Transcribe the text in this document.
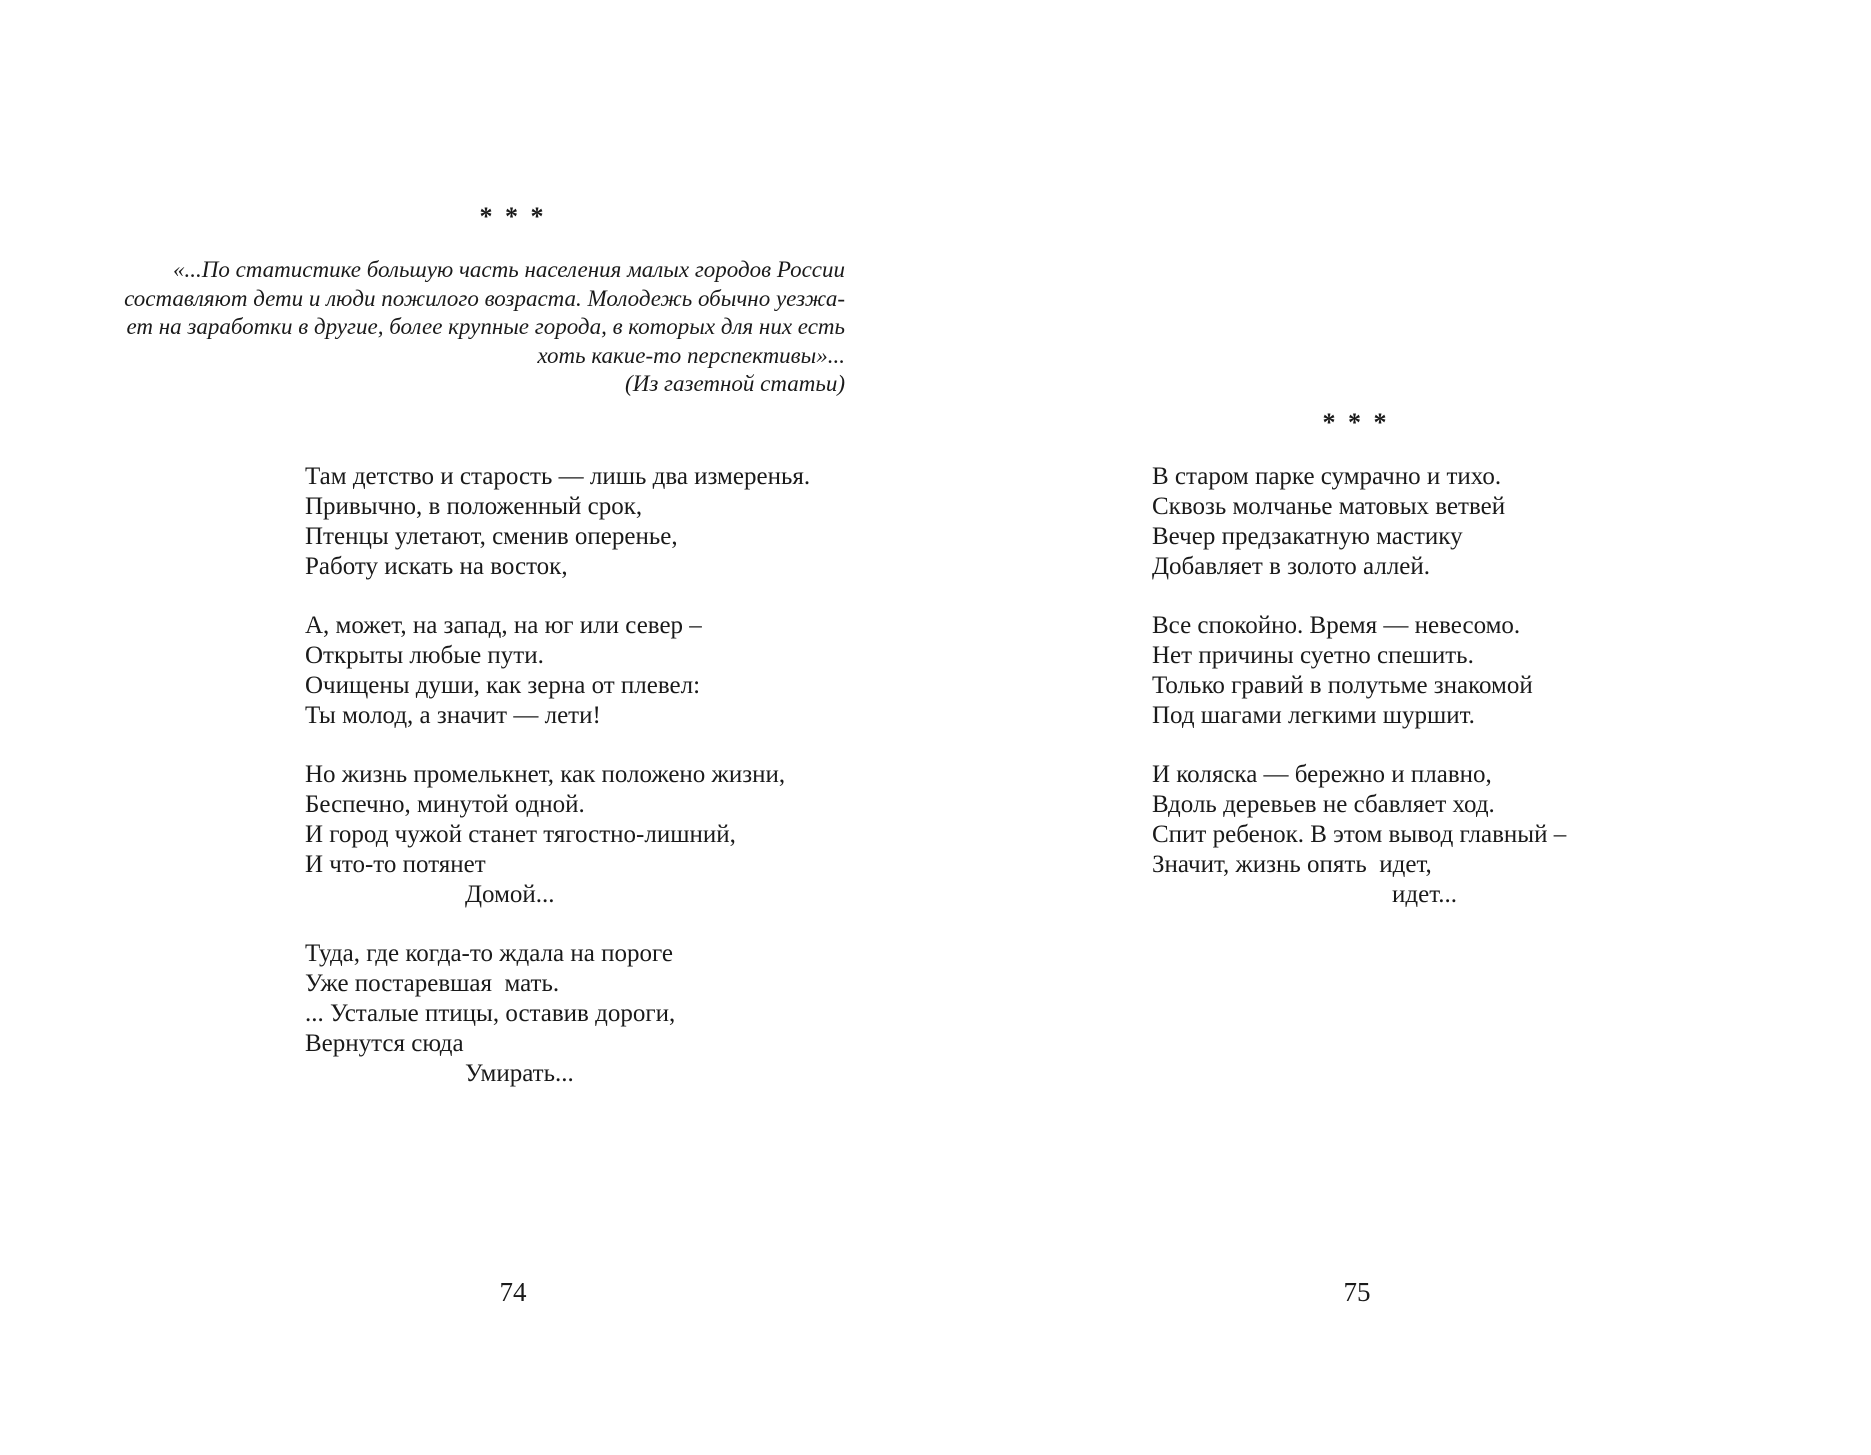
* * *
«...По статистике большую часть населения малых городов России
составляют дети и люди пожилого возраста. Молодежь обычно уезжа-
ет на заработки в другие, более крупные города, в которых для них есть
хоть какие-то перспективы»...
(Из газетной статьи)
Там детство и старость — лишь два измеренья.
Привычно, в положенный срок,
Птенцы улетают, сменив оперенье,
Работу искать на восток,
А, может, на запад, на юг или север –
Открыты любые пути.
Очищены души, как зерна от плевел:
Ты молод, а значит — лети!
Но жизнь промелькнет, как положено жизни,
Беспечно, минутой одной.
И город чужой станет тягостно-лишний,
И что-то потянет
Домой...
Туда, где когда-то ждала на пороге
Уже постаревшая  мать.
... Усталые птицы, оставив дороги,
Вернутся сюда
Умирать...
74
* * *
В старом парке сумрачно и тихо.
Сквозь молчанье матовых ветвей
Вечер предзакатную мастику
Добавляет в золото аллей.
Все спокойно. Время — невесомо.
Нет причины суетно спешить.
Только гравий в полутьме знакомой
Под шагами легкими шуршит.
И коляска — бережно и плавно,
Вдоль деревьев не сбавляет ход.
Спит ребенок. В этом вывод главный –
Значит, жизнь опять  идет,
идет...
75
